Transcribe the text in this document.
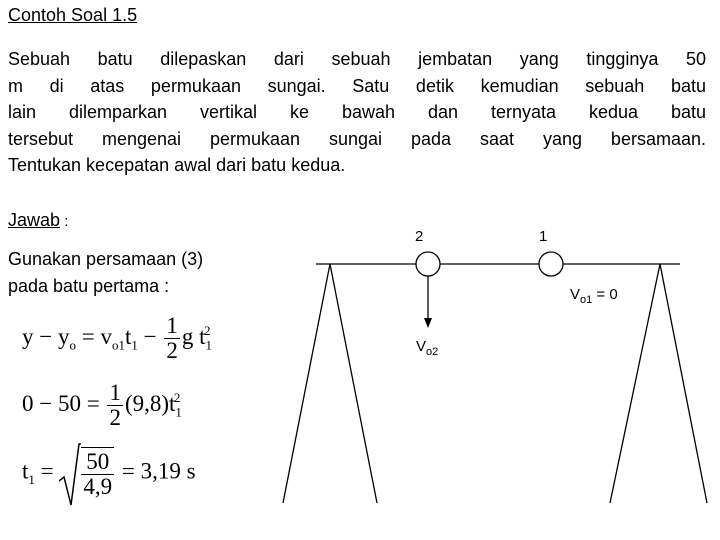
Contoh Soal 1.5
Sebuah batu dilepaskan dari sebuah jembatan yang tingginya 50
m di atas permukaan sungai. Satu detik kemudian sebuah batu
lain dilemparkan vertikal ke bawah dan ternyata kedua batu
tersebut mengenai permukaan sungai pada saat yang bersamaan.
Tentukan kecepatan awal dari batu kedua.
Jawab :
Gunakan persamaan (3)
pada batu pertama :
$y - y_o = v_{o1}t_1 - \frac{1}{2}$ g $t_1^2$
$0 - 50 = \frac{1}{2} (9,8)t_1^2$
$t_1 = \frac{50}{4,9} = 3,19$ s
2	1
$V_{o1} = 0$
$V_{o2}$
